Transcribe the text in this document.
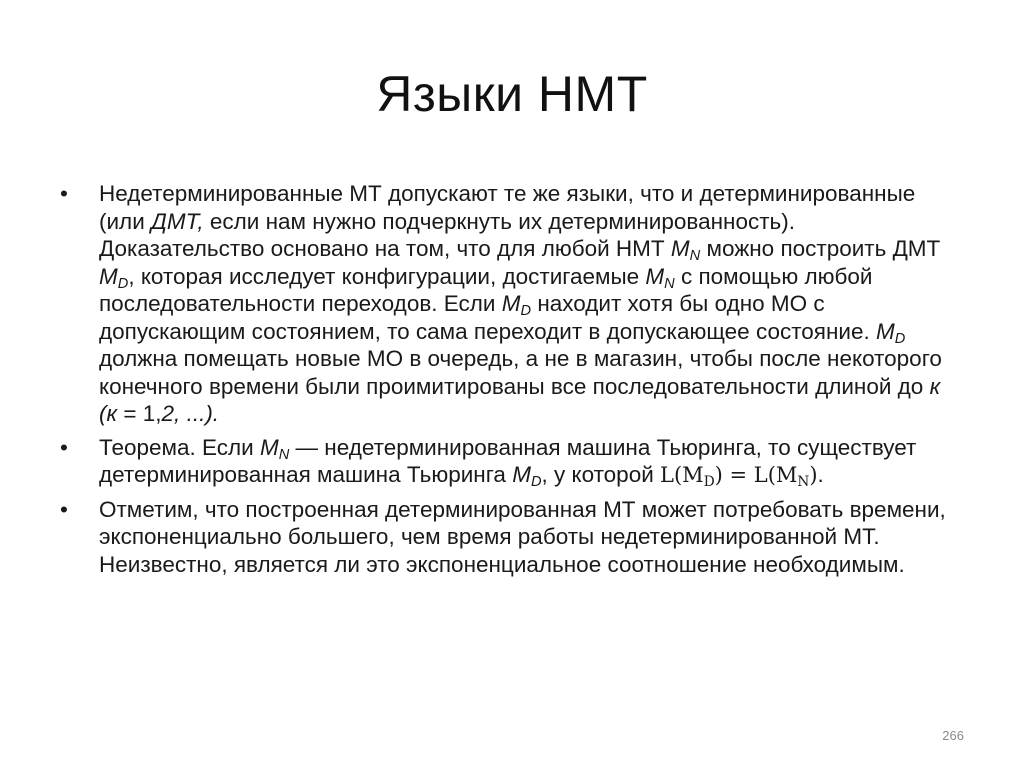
Языки НМТ
•	Недетерминированные МТ допускают те же языки, что и детерминированные (или ДМТ, если нам нужно подчеркнуть их детерминированность). Доказательство основано на том, что для любой НМТ $M_N$ можно построить ДМТ $M_D$, которая исследует конфигурации, достигаемые $M_N$ с помощью любой последовательности переходов. Если $M_D$ находит хотя бы одно МО с допускающим состоянием, то сама переходит в допускающее состояние. $M_D$ должна помещать новые МО в очередь, а не в магазин, чтобы после некоторого конечного времени были проимитированы все последовательности длиной до к (к = 1,2, ...).
•	Теорема. Если $M_N$ — недетерминированная машина Тьюринга, то существует детерминированная машина Тьюринга $M_D$, у которой $L(M_D) = L(M_N)$.
•	Отметим, что построенная детерминированная МТ может потребовать времени, экспоненциально большего, чем время работы недетерминированной МТ. Неизвестно, является ли это экспоненциальное соотношение необходимым.
266
